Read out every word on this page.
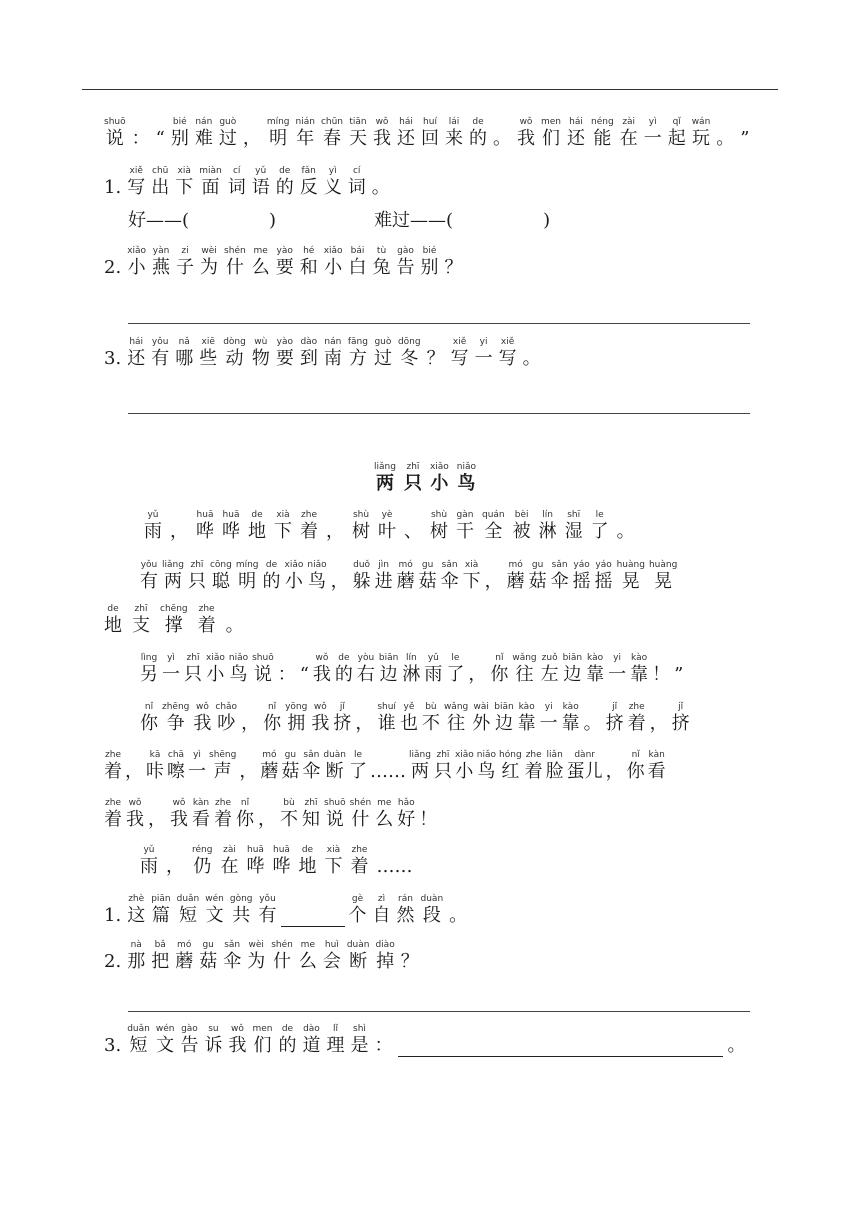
shuō
说 ： “
bié
别
nán
难
guò
过 ，
míng
明
nián
年
chūn
春
tiān
天
wǒ
我
hái
还
huí
回
lái
来
de
的 。
wǒ
我
men
们
hái
还
néng
能
zài
在
yì
一
qǐ
起
wán
玩 。 ”
1.
xiě
写
chū
出
xià
下
miàn
面
cí
词
yǔ
语
de
的
fǎn
反
yì
义
cí
词 。
好——(	)	难过——(	)
2.
xiǎo
小
yàn
燕
zi
子
wèi
为
shén
什
me
么
yào
要
hé
和
xiǎo
小
bái
白
tù
兔
gào
告
bié
别 ？
3.
hái
还
yǒu
有
nǎ
哪
xiē
些
dòng
动
wù
物
yào
要
dào
到
nán
南
fāng
方
guò
过
dōng
冬 ？
xiě
写
yi
一
xiě
写 。
liǎng
两
zhī
只
xiǎo
小
niǎo
鸟
yǔ
雨 ，
huā
哗
huā
哗
de
地
xià
下
zhe
着 ，
shù
树
yè
叶 、
shù
树
gàn
干
quán
全
bèi
被
lín
淋
shī
湿
le
了 。
yǒu
有
liǎng
两
zhī
只
cōng
聪
míng
明
de
的
xiǎo
小
niǎo
鸟 ，
duǒ
躲
jìn
进
mó
蘑
gu
菇
sǎn
伞
xià
下 ，
mó
蘑
gu
菇
sǎn
伞
yáo
摇
yáo
摇
huàng
晃
huàng
晃
de
地
zhī
支
chēng
撑
zhe
着 。
lìng
另
yì
一
zhī
只
xiǎo
小
niǎo
鸟
shuō
说 ： “
wǒ
我
de
的
yòu
右
biān
边
lín
淋
yǔ
雨
le
了 ，
nǐ
你
wǎng
往
zuǒ
左
biān
边
kào
靠
yi
一
kào
靠 ！ ”
nǐ
你
zhēng
争
wǒ
我
chǎo
吵 ，
nǐ
你
yōng
拥
wǒ
我
jǐ
挤 ，
shuí
谁
yě
也
bù
不
wǎng
往
wài
外
biān
边
kào
靠
yi
一
kào
靠 。
jǐ
挤
zhe
着 ，
jǐ
挤
zhe
着 ，
kā
咔
chā
嚓
yì
一
shēng
声 ，
mó
蘑
gu
菇
sǎn
伞
duàn
断
le
了 ……
liǎng
两
zhī
只
xiǎo
小
niǎo
鸟
hóng
红
zhe
着
liǎn
脸
dànr
蛋儿 ，
nǐ
你
kàn
看
zhe
着
wǒ
我 ，
wǒ
我
kàn
看
zhe
着
nǐ
你 ，
bù
不
zhī
知
shuō
说
shén
什
me
么
hǎo
好 ！
yǔ
雨 ，
réng
仍
zài
在
huā
哗
huā
哗
de
地
xià
下
zhe
着 ……
1.
zhè
这
piān
篇
duǎn
短
wén
文
gòng
共
yǒu
有
gè
个
zì
自
rán
然
duàn
段 。
2.
nà
那
bǎ
把
mó
蘑
gu
菇
sǎn
伞
wèi
为
shén
什
me
么
huì
会
duàn
断
diào
掉 ？
3.
duǎn
短
wén
文
gào
告
su
诉
wǒ
我
men
们
de
的
dào
道
lǐ
理
shì
是 ：	。
